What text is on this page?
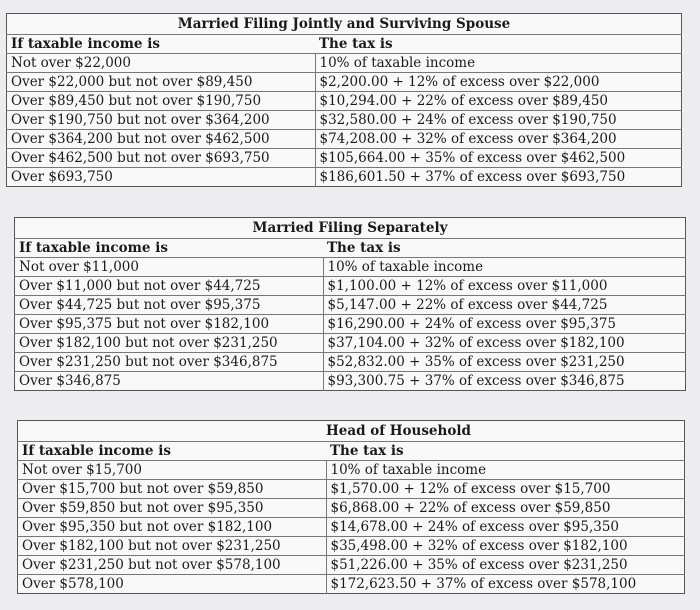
Married Filing Jointly and Surviving Spouse	
If taxable income is	The tax is
Not over $22,000	10% of taxable income
Over $22,000 but not over $89,450	$2,200.00 + 12% of excess over $22,000
Over $89,450 but not over $190,750	$10,294.00 + 22% of excess over $89,450
Over $190,750 but not over $364,200	$32,580.00 + 24% of excess over $190,750
Over $364,200 but not over $462,500	$74,208.00 + 32% of excess over $364,200
Over $462,500 but not over $693,750	$105,664.00 + 35% of excess over $462,500
Over $693,750	$186,601.50 + 37% of excess over $693,750
Married Filing Separately	
If taxable income is	The tax is
Not over $11,000	10% of taxable income
Over $11,000 but not over $44,725	$1,100.00 + 12% of excess over $11,000
Over $44,725 but not over $95,375	$5,147.00 + 22% of excess over $44,725
Over $95,375 but not over $182,100	$16,290.00 + 24% of excess over $95,375
Over $182,100 but not over $231,250	$37,104.00 + 32% of excess over $182,100
Over $231,250 but not over $346,875	$52,832.00 + 35% of excess over $231,250
Over $346,875	$93,300.75 + 37% of excess over $346,875
	Head of Household
If taxable income is	The tax is
Not over $15,700	10% of taxable income
Over $15,700 but not over $59,850	$1,570.00 + 12% of excess over $15,700
Over $59,850 but not over $95,350	$6,868.00 + 22% of excess over $59,850
Over $95,350 but not over $182,100	$14,678.00 + 24% of excess over $95,350
Over $182,100 but not over $231,250	$35,498.00 + 32% of excess over $182,100
Over $231,250 but not over $578,100	$51,226.00 + 35% of excess over $231,250
Over $578,100	$172,623.50 + 37% of excess over $578,100
